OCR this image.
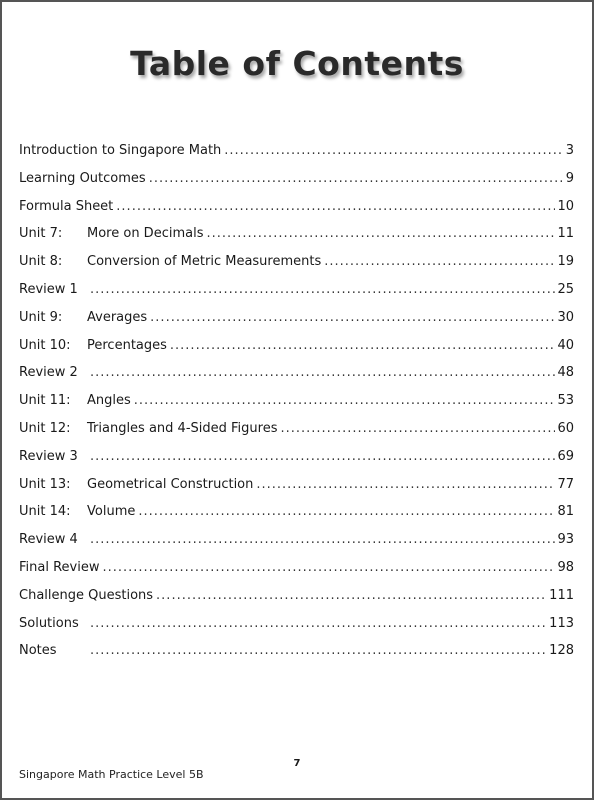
Table of Contents
Introduction to Singapore Math .....	3
Learning Outcomes .....	9
Formula Sheet .....	10
Unit 7:	More on Decimals .....	11
Unit 8:	Conversion of Metric Measurements .....	19
Review 1 .....	25
Unit 9:	Averages .....	30
Unit 10:	Percentages .....	40
Review 2 .....	48
Unit 11:	Angles .....	53
Unit 12:	Triangles and 4-Sided Figures .....	60
Review 3 .....	69
Unit 13:	Geometrical Construction .....	77
Unit 14:	Volume .....	81
Review 4 .....	93
Final Review .....	98
Challenge Questions .....	111
Solutions .....	113
Notes .....	128
7
Singapore Math Practice Level 5B
